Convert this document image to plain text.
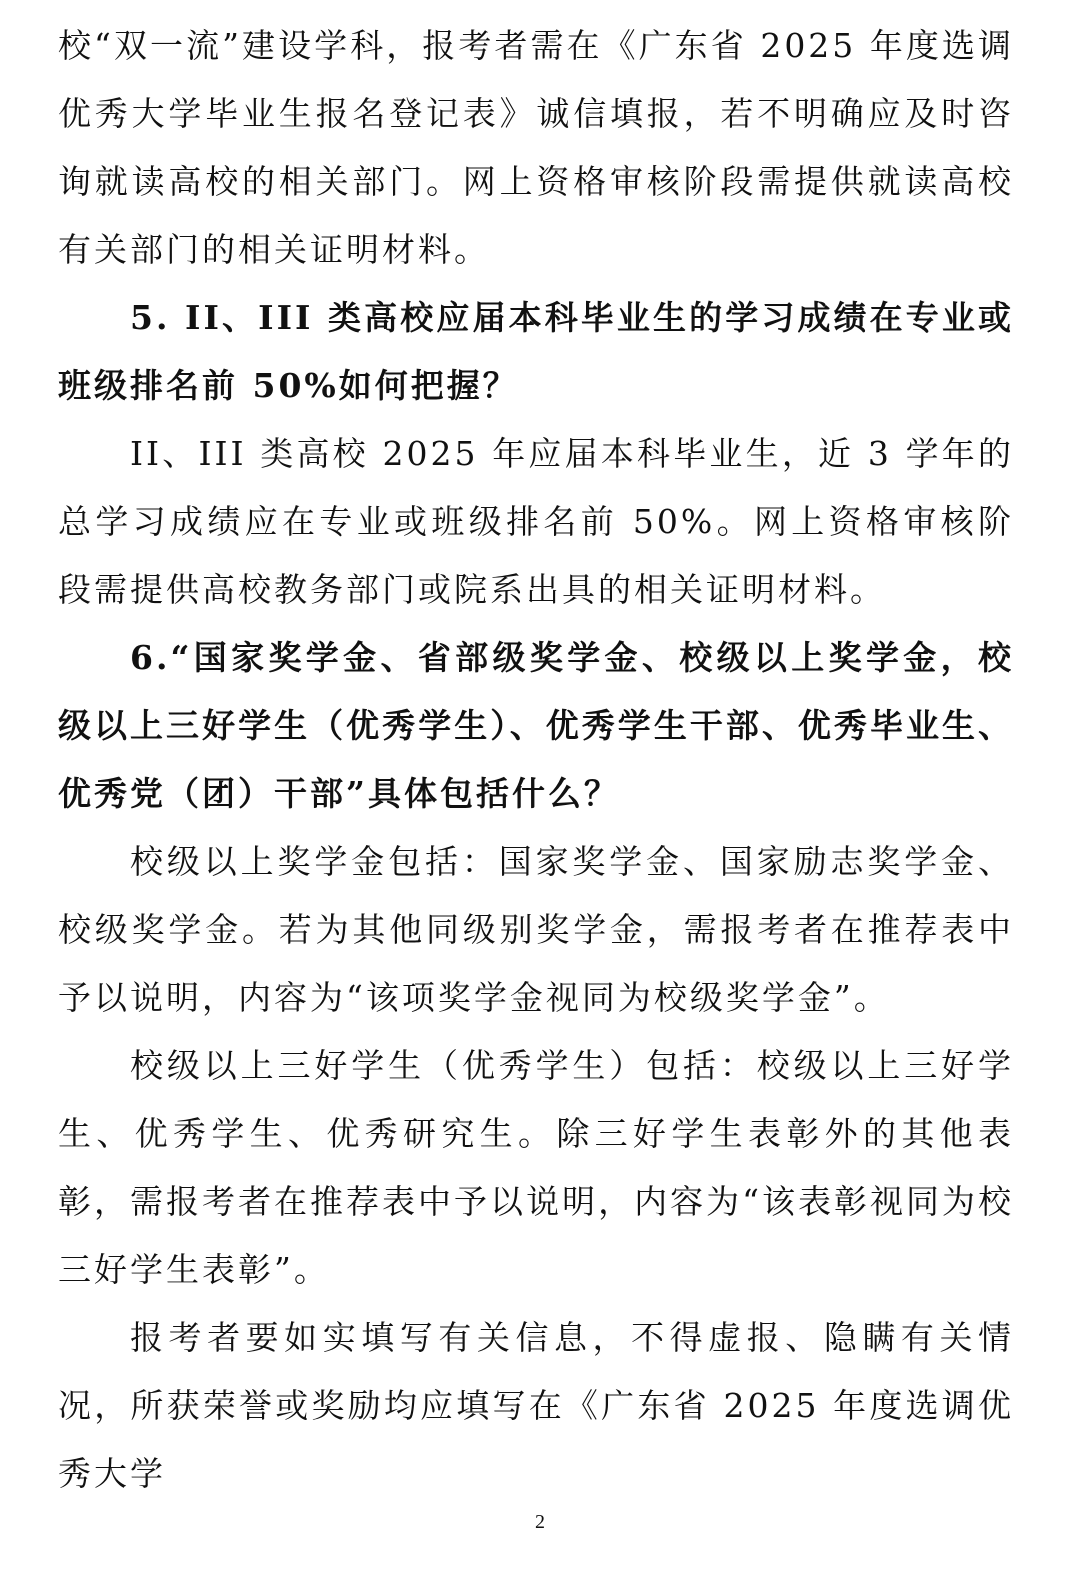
校“双一流”建设学科，报考者需在《广东省 2025 年度选调优秀大学毕业生报名登记表》诚信填报，若不明确应及时咨询就读高校的相关部门。网上资格审核阶段需提供就读高校有关部门的相关证明材料。

5. II、III 类高校应届本科毕业生的学习成绩在专业或班级排名前 50%如何把握？

II、III 类高校 2025 年应届本科毕业生，近 3 学年的总学习成绩应在专业或班级排名前 50%。网上资格审核阶段需提供高校教务部门或院系出具的相关证明材料。

6.“国家奖学金、省部级奖学金、校级以上奖学金，校级以上三好学生（优秀学生）、优秀学生干部、优秀毕业生、优秀党（团）干部”具体包括什么？

校级以上奖学金包括：国家奖学金、国家励志奖学金、校级奖学金。若为其他同级别奖学金，需报考者在推荐表中予以说明，内容为“该项奖学金视同为校级奖学金”。

校级以上三好学生（优秀学生）包括：校级以上三好学生、优秀学生、优秀研究生。除三好学生表彰外的其他表彰，需报考者在推荐表中予以说明，内容为“该表彰视同为校三好学生表彰”。

报考者要如实填写有关信息，不得虚报、隐瞒有关情况，所获荣誉或奖励均应填写在《广东省 2025 年度选调优秀大学

2
